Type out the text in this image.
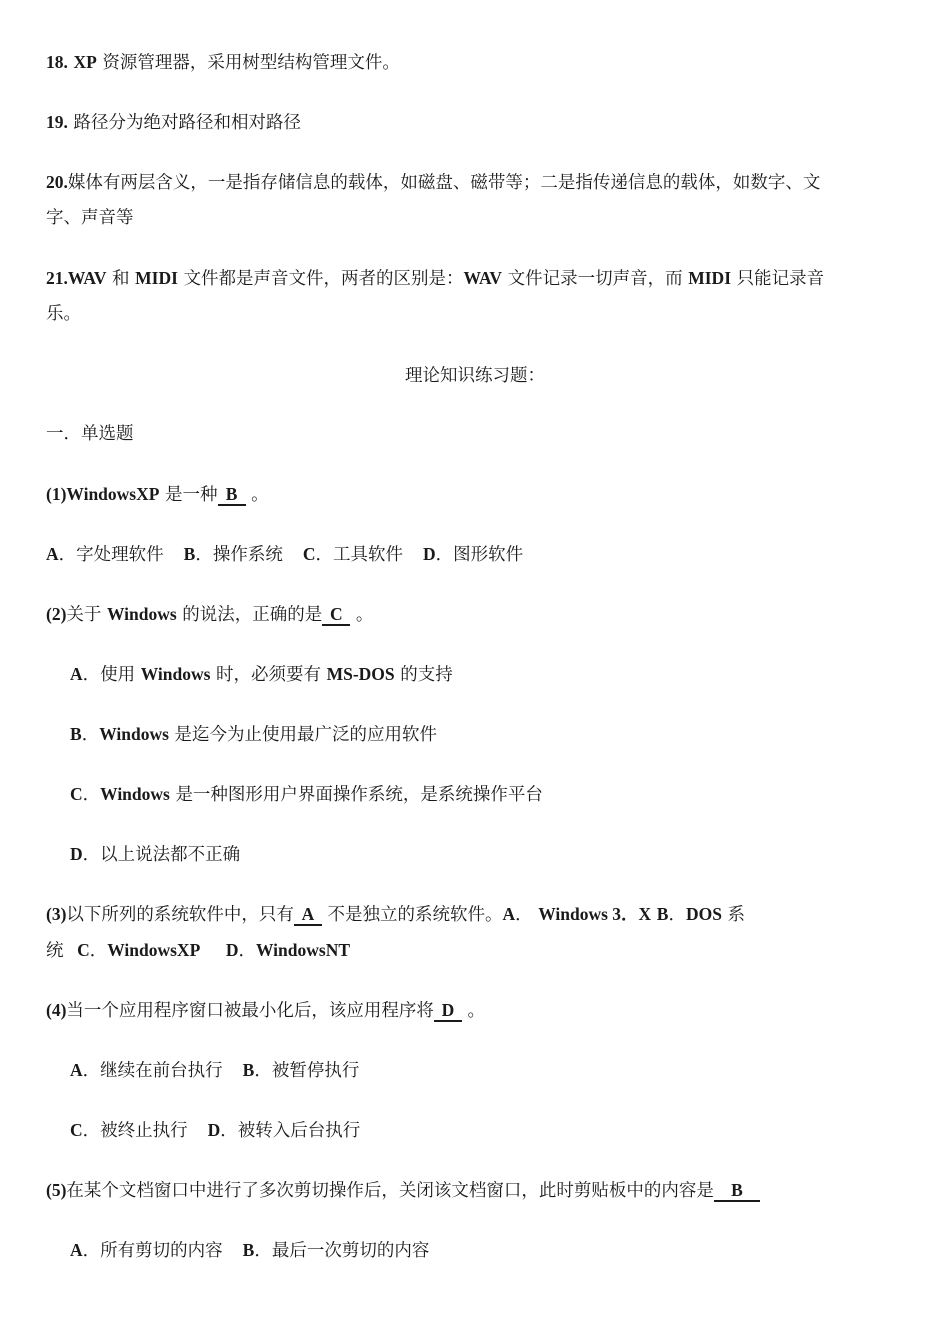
18. XP 资源管理器，采用树型结构管理文件。
19. 路径分为绝对路径和相对路径
20.媒体有两层含义，一是指存储信息的载体，如磁盘、磁带等；二是指传递信息的载体，如数字、文
字、声音等
21.WAV 和 MIDI 文件都是声音文件，两者的区别是：WAV 文件记录一切声音，而 MIDI 只能记录音
乐。
理论知识练习题：
一．单选题
(1)WindowsXP 是一种 B 。
A．字处理软件 B．操作系统 C．工具软件 D．图形软件
(2)关于 Windows 的说法，正确的是 C 。
A．使用 Windows 时，必须要有 MS-DOS 的支持
B．Windows 是迄今为止使用最广泛的应用软件
C．Windows 是一种图形用户界面操作系统，是系统操作平台
D．以上说法都不正确
(3)以下所列的系统软件中，只有 A 不是独立的系统软件。A． Windows 3．X B．DOS 系
统 C．WindowsXP D．WindowsNT
(4)当一个应用程序窗口被最小化后，该应用程序将 D 。
A．继续在前台执行 B．被暂停执行
C．被终止执行 D．被转入后台执行
(5)在某个文档窗口中进行了多次剪切操作后，关闭该文档窗口，此时剪贴板中的内容是 B
A．所有剪切的内容 B．最后一次剪切的内容
